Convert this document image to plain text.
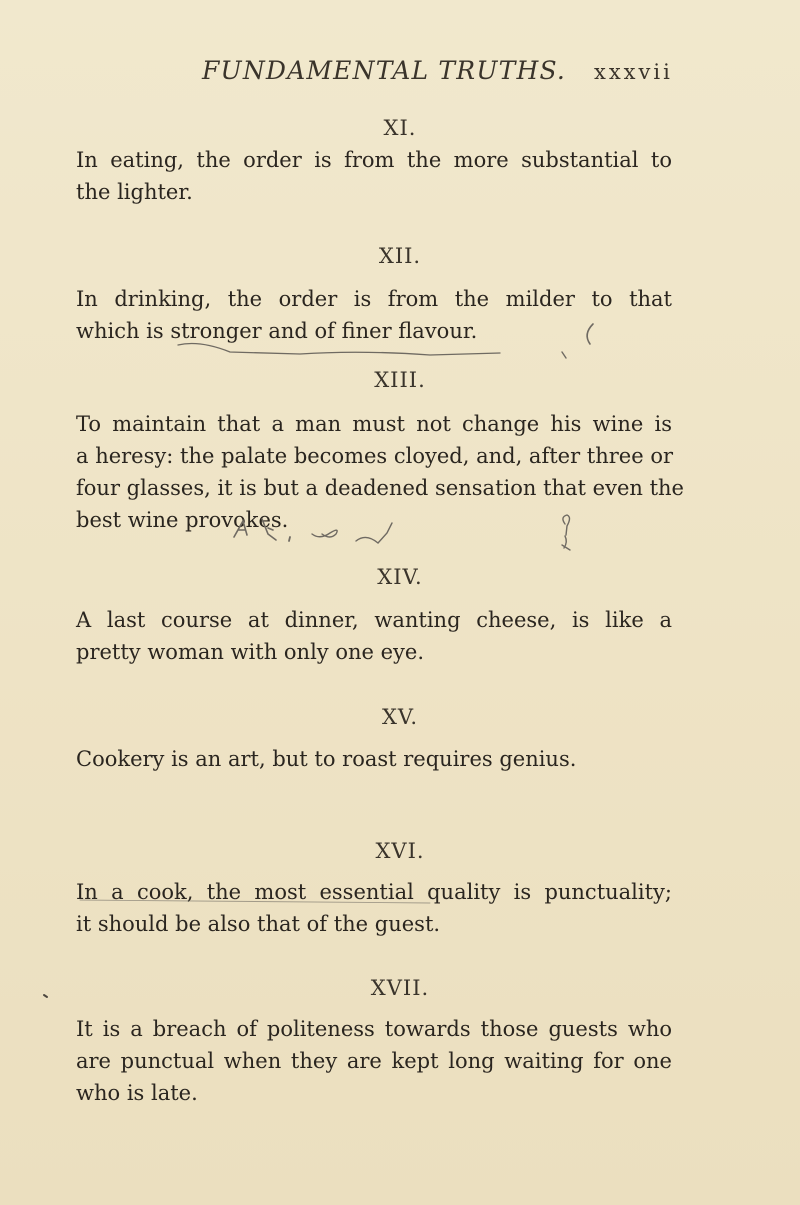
FUNDAMENTAL TRUTHS. xxxvii
XI.
In eating, the order is from the more substantial to
the lighter.
XII.
In drinking, the order is from the milder to that
which is stronger and of finer flavour.
XIII.
To maintain that a man must not change his wine is
a heresy: the palate becomes cloyed, and, after three or
four glasses, it is but a deadened sensation that even the
best wine provokes.
XIV.
A last course at dinner, wanting cheese, is like a
pretty woman with only one eye.
XV.
Cookery is an art, but to roast requires genius.
XVI.
In a cook, the most essential quality is punctuality;
it should be also that of the guest.
XVII.
It is a breach of politeness towards those guests who
are punctual when they are kept long waiting for one
who is late.
